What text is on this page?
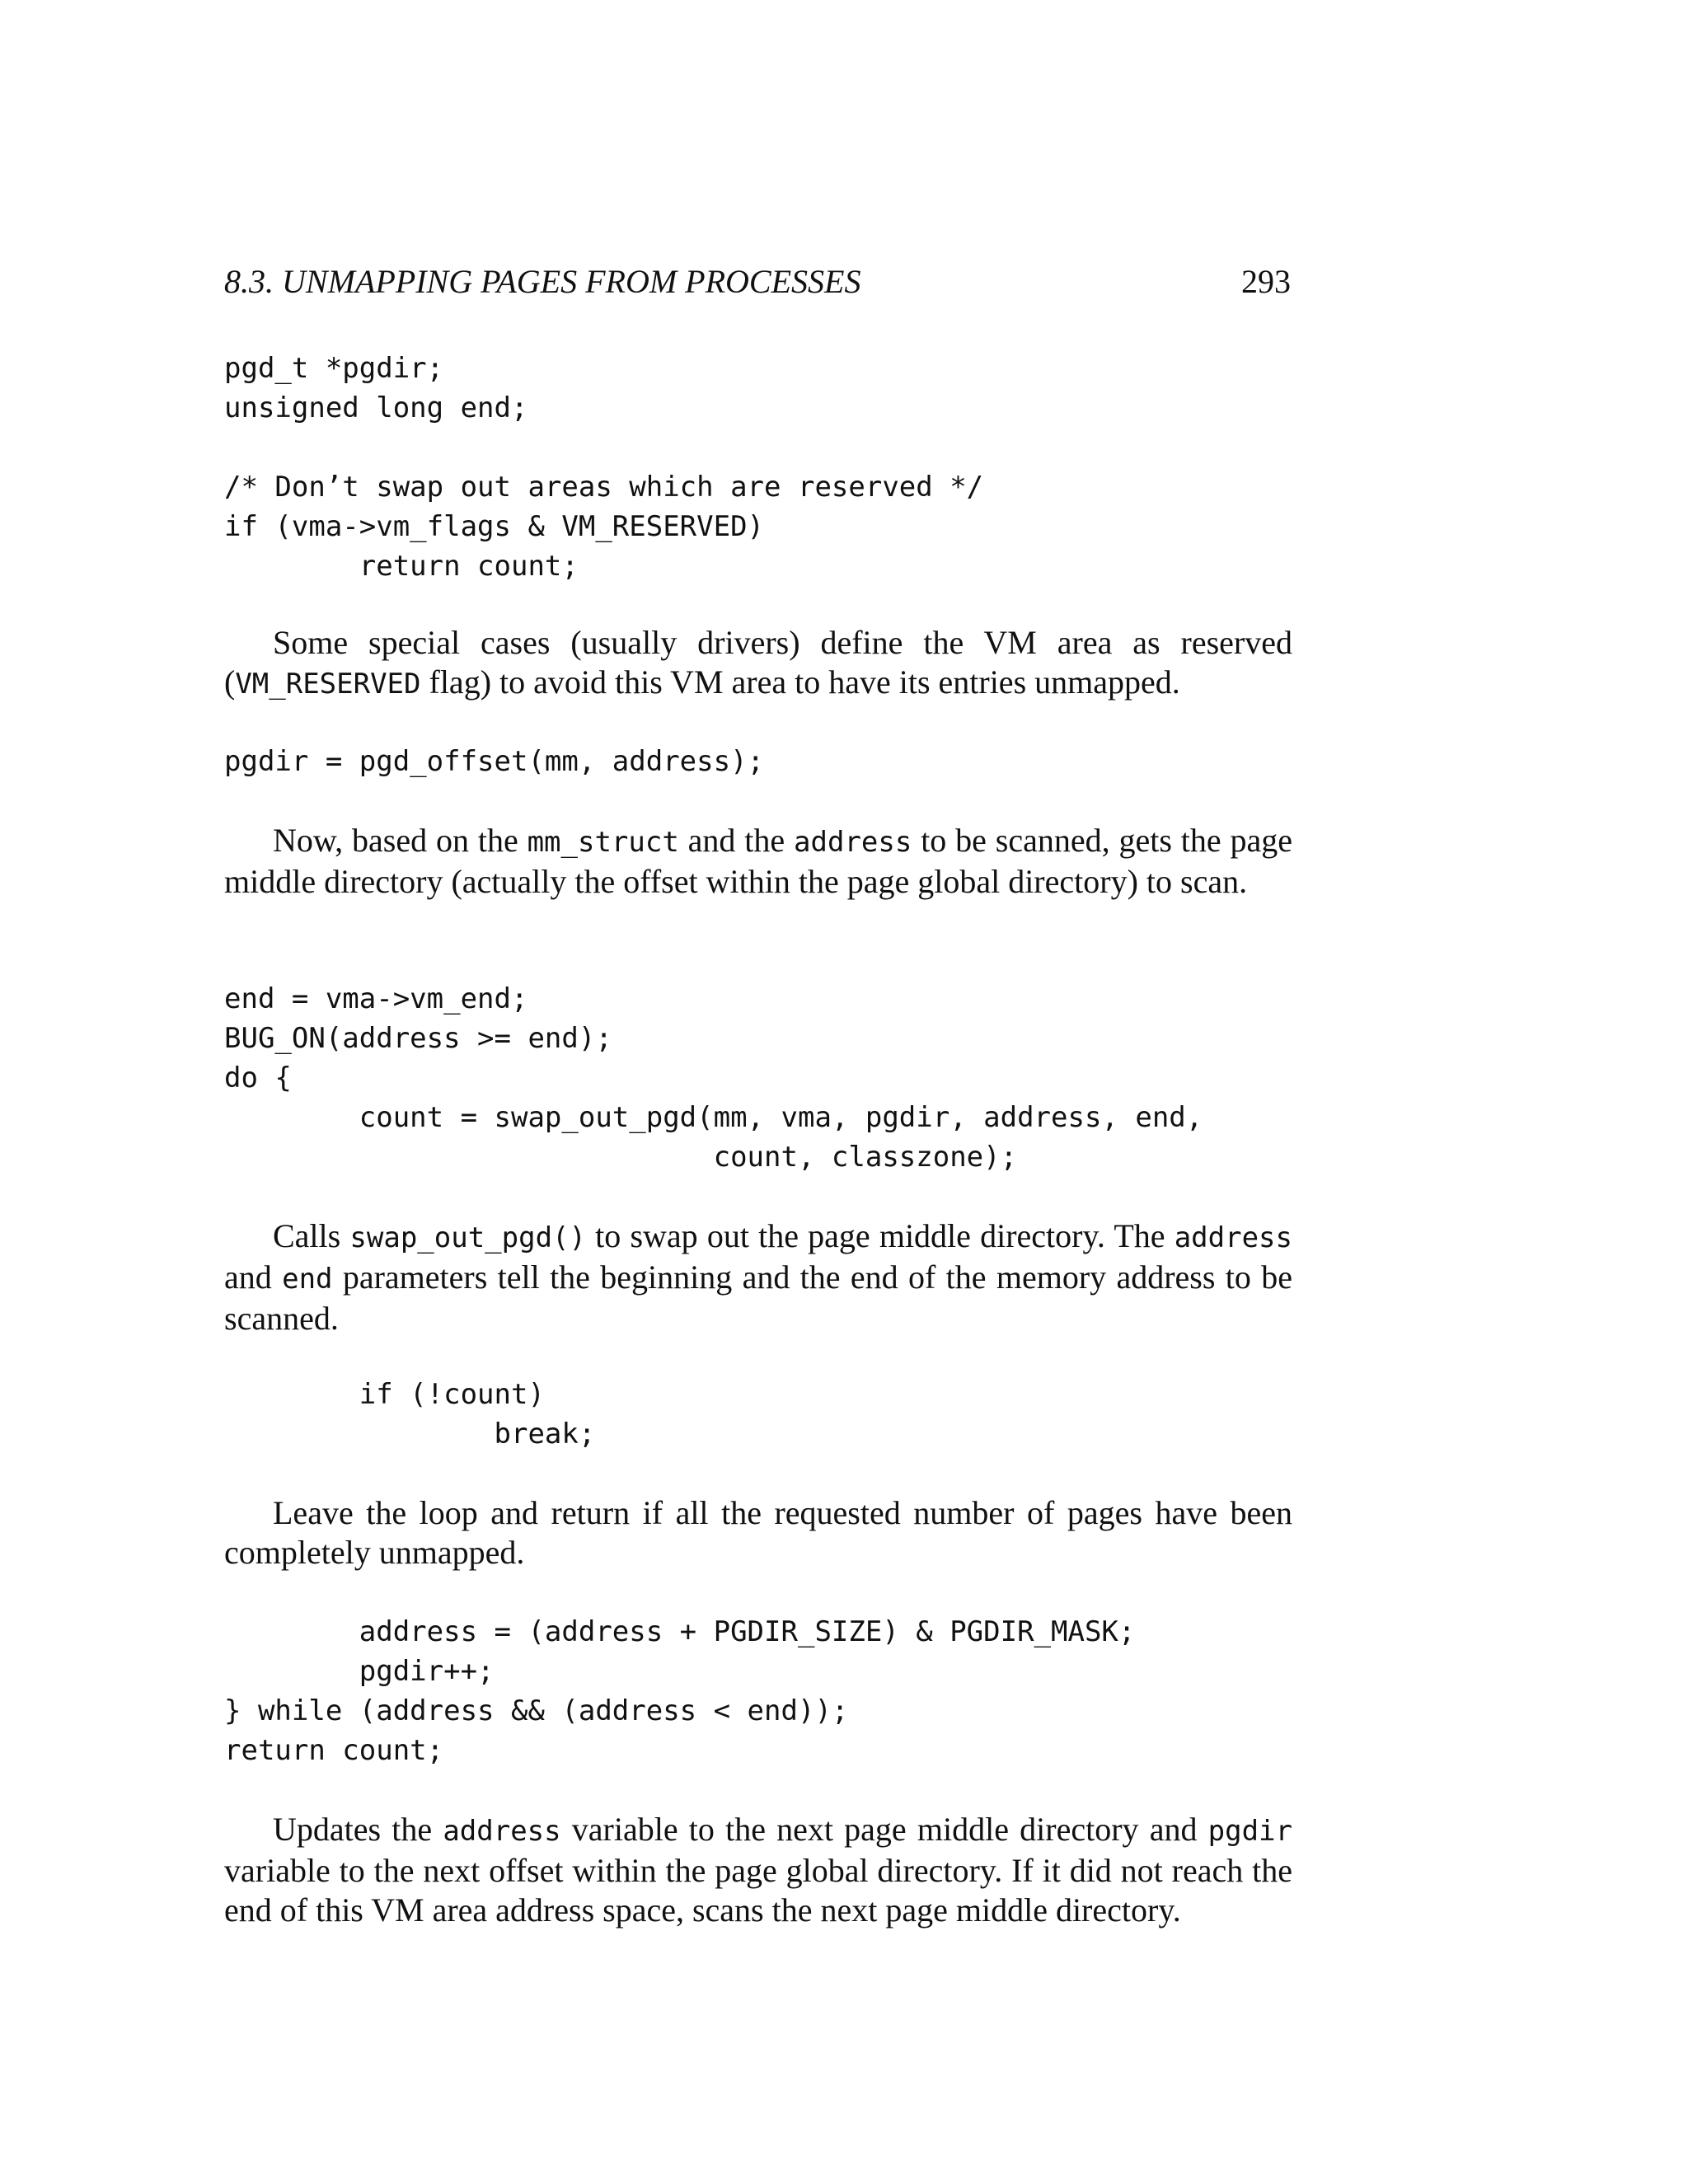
8.3. UNMAPPING PAGES FROM PROCESSES	293
pgd_t *pgdir;
unsigned long end;

/* Don’t swap out areas which are reserved */
if (vma->vm_flags & VM_RESERVED)
return count;
Some special cases (usually drivers) define the VM area as reserved (VM_RESERVED flag) to avoid this VM area to have its entries unmapped.
pgdir = pgd_offset(mm, address);
Now, based on the mm_struct and the address to be scanned, gets the page middle directory (actually the offset within the page global directory) to scan.
end = vma->vm_end;
BUG_ON(address >= end);
do {
count = swap_out_pgd(mm, vma, pgdir, address, end,
count, classzone);
Calls swap_out_pgd() to swap out the page middle directory. The address and end parameters tell the beginning and the end of the memory address to be scanned.
if (!count)
break;
Leave the loop and return if all the requested number of pages have been completely unmapped.
address = (address + PGDIR_SIZE) & PGDIR_MASK;
pgdir++;
} while (address && (address < end));
return count;
Updates the address variable to the next page middle directory and pgdir variable to the next offset within the page global directory. If it did not reach the end of this VM area address space, scans the next page middle directory.
